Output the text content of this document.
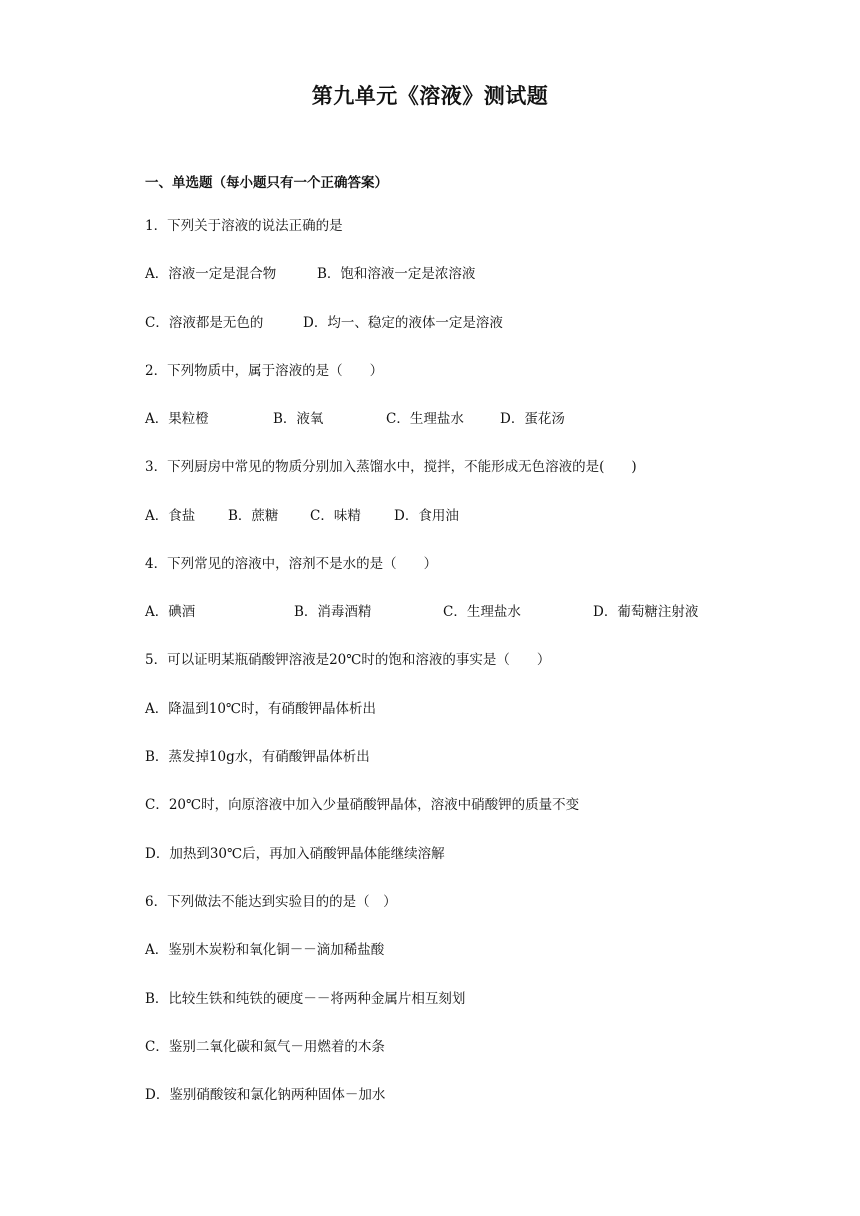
第九单元《溶液》测试题
一、单选题（每小题只有一个正确答案）
1．下列关于溶液的说法正确的是
A．溶液一定是混合物	B．饱和溶液一定是浓溶液
C．溶液都是无色的	D．均一、稳定的液体一定是溶液
2．下列物质中，属于溶液的是（　　）
A．果粒橙	B．液氧	C．生理盐水	D．蛋花汤
3．下列厨房中常见的物质分别加入蒸馏水中，搅拌，不能形成无色溶液的是(　　)
A．食盐 B．蔗糖 C．味精 D．食用油
4．下列常见的溶液中，溶剂不是水的是（　　）
A．碘酒	B．消毒酒精	C．生理盐水	D．葡萄糖注射液
5．可以证明某瓶硝酸钾溶液是20℃时的饱和溶液的事实是（　　）
A．降温到10℃时，有硝酸钾晶体析出
B．蒸发掉10g水，有硝酸钾晶体析出
C．20℃时，向原溶液中加入少量硝酸钾晶体，溶液中硝酸钾的质量不变
D．加热到30℃后，再加入硝酸钾晶体能继续溶解
6．下列做法不能达到实验目的的是（　）
A．鉴别木炭粉和氧化铜－－滴加稀盐酸
B．比较生铁和纯铁的硬度－－将两种金属片相互刻划
C．鉴别二氧化碳和氮气－用燃着的木条
D．鉴别硝酸铵和氯化钠两种固体－加水
